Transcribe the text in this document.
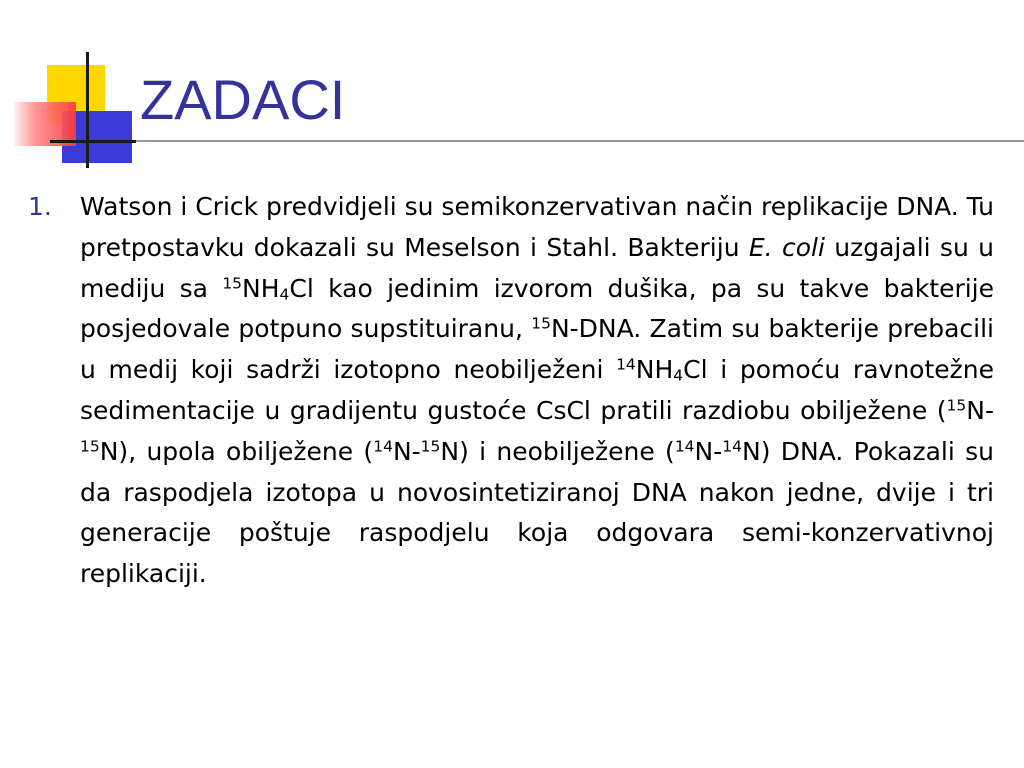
ZADACI
1.	Watson i Crick predvidjeli su semikonzervativan način replikacije DNA. Tu pretpostavku dokazali su Meselson i Stahl. Bakteriju E. coli uzgajali su u mediju sa $^{15}NH_4Cl$ kao jedinim izvorom dušika, pa su takve bakterije posjedovale potpuno supstituiranu, $^{15}$N-DNA. Zatim su bakterije prebacili u medij koji sadrži izotopno neobilježeni $^{14}NH_4Cl$ i pomoću ravnotežne sedimentacije u gradijentu gustoće CsCl pratili razdiobu obilježene ($^{15}$N-$^{15}$N), upola obilježene ($^{14}$N-$^{15}$N) i neobilježene ($^{14}$N-$^{14}$N) DNA. Pokazali su da raspodjela izotopa u novosintetiziranoj DNA nakon jedne, dvije i tri generacije poštuje raspodjelu koja odgovara semi-konzervativnoj replikaciji.
